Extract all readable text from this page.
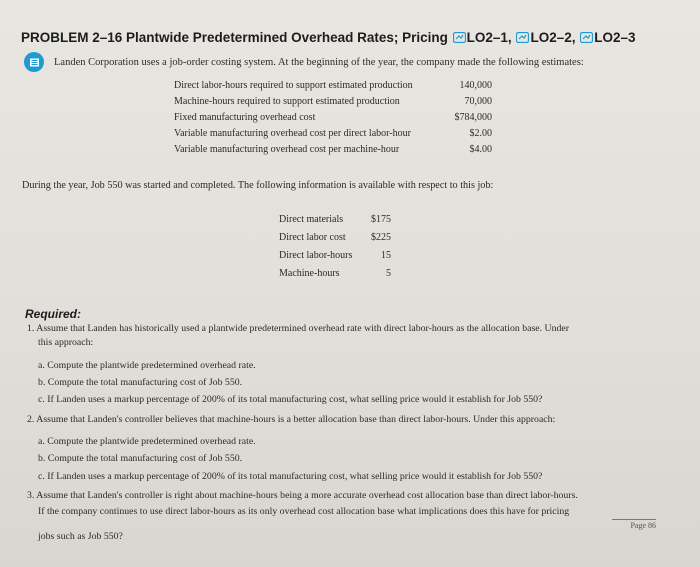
PROBLEM 2–16 Plantwide Predetermined Overhead Rates; Pricing LO2–1, LO2–2, LO2–3
Landen Corporation uses a job-order costing system. At the beginning of the year, the company made the following estimates:
Direct labor-hours required to support estimated production	140,000
Machine-hours required to support estimated production	70,000
Fixed manufacturing overhead cost	$784,000
Variable manufacturing overhead cost per direct labor-hour	$2.00
Variable manufacturing overhead cost per machine-hour	$4.00
During the year, Job 550 was started and completed. The following information is available with respect to this job:
Direct materials	$175
Direct labor cost	$225
Direct labor-hours	15
Machine-hours	5
Required:
1. Assume that Landen has historically used a plantwide predetermined overhead rate with direct labor-hours as the allocation base. Under
this approach:
a. Compute the plantwide predetermined overhead rate.
b. Compute the total manufacturing cost of Job 550.
c. If Landen uses a markup percentage of 200% of its total manufacturing cost, what selling price would it establish for Job 550?
2. Assume that Landen's controller believes that machine-hours is a better allocation base than direct labor-hours. Under this approach:
a. Compute the plantwide predetermined overhead rate.
b. Compute the total manufacturing cost of Job 550.
c. If Landen uses a markup percentage of 200% of its total manufacturing cost, what selling price would it establish for Job 550?
3. Assume that Landen's controller is right about machine-hours being a more accurate overhead cost allocation base than direct labor-hours.
If the company continues to use direct labor-hours as its only overhead cost allocation base what implications does this have for pricing
jobs such as Job 550?
Page 86
